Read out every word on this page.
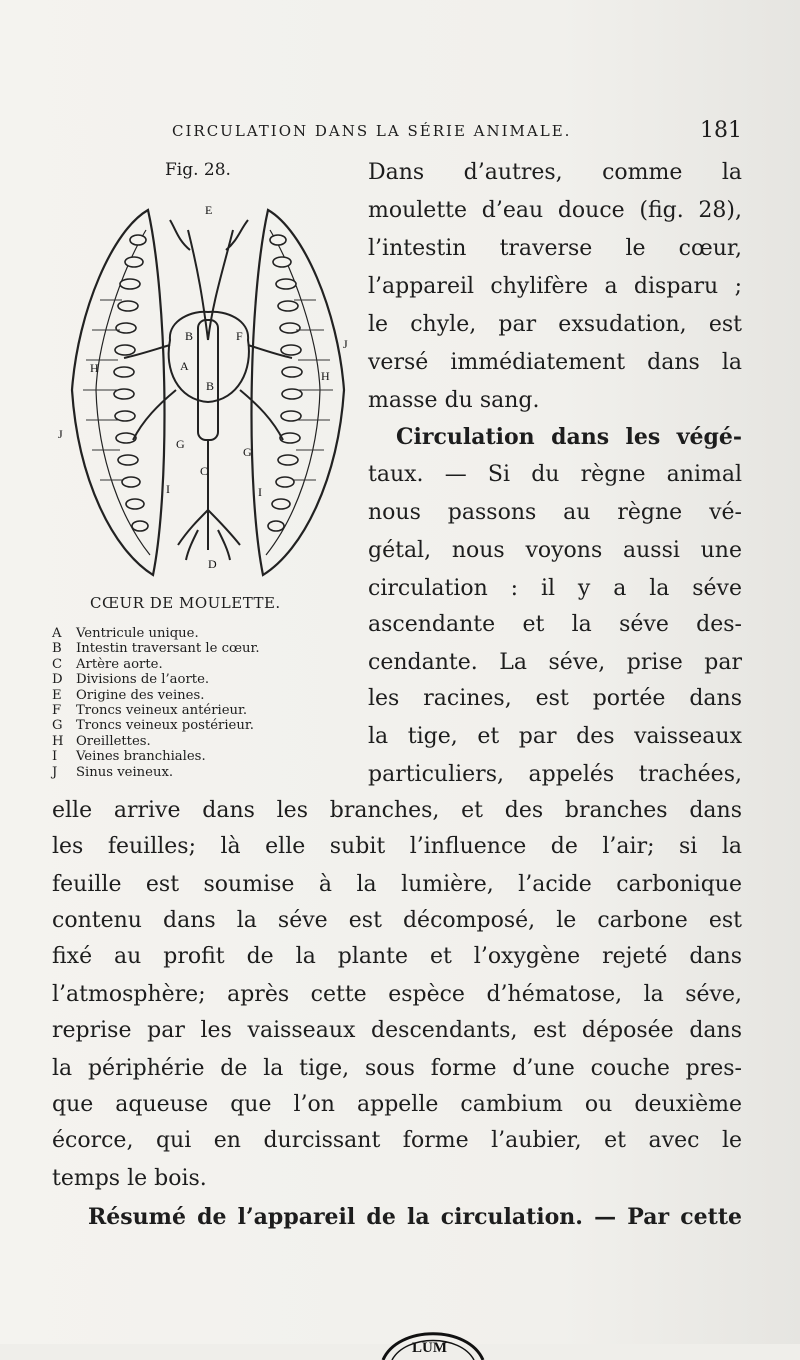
CIRCULATION DANS LA SÉRIE ANIMALE.	181
Fig. 28.
E
F
B
A
H
H
J
J
B
G
G
C
I	I
D
CŒUR DE MOULETTE.
A Ventricule unique.
B Intestin traversant le cœur.
C Artère aorte.
D Divisions de l’aorte.
E Origine des veines.
F Troncs veineux antérieur.
G Troncs veineux postérieur.
H Oreillettes.
I Veines branchiales.
J Sinus veineux.
Dans d’autres, comme la
moulette d’eau douce (fig. 28),
l’intestin traverse le cœur,
l’appareil chylifère a disparu ;
le chyle, par exsudation, est
versé immédiatement dans la
masse du sang.
Circulation dans les végé-
taux. — Si du règne animal
nous passons au règne vé-
gétal, nous voyons aussi une
circulation : il y a la séve
ascendante et la séve des-
cendante. La séve, prise par
les racines, est portée dans
la tige, et par des vaisseaux
particuliers, appelés trachées,
elle arrive dans les branches, et des branches dans
les feuilles; là elle subit l’influence de l’air; si la
feuille est soumise à la lumière, l’acide carbonique
contenu dans la séve est décomposé, le carbone est
fixé au profit de la plante et l’oxygène rejeté dans
l’atmosphère; après cette espèce d’hématose, la séve,
reprise par les vaisseaux descendants, est déposée dans
la périphérie de la tige, sous forme d’une couche pres-
que aqueuse que l’on appelle cambium ou deuxième
écorce, qui en durcissant forme l’aubier, et avec le
temps le bois.
Résumé de l’appareil de la circulation. — Par cette
LUM
